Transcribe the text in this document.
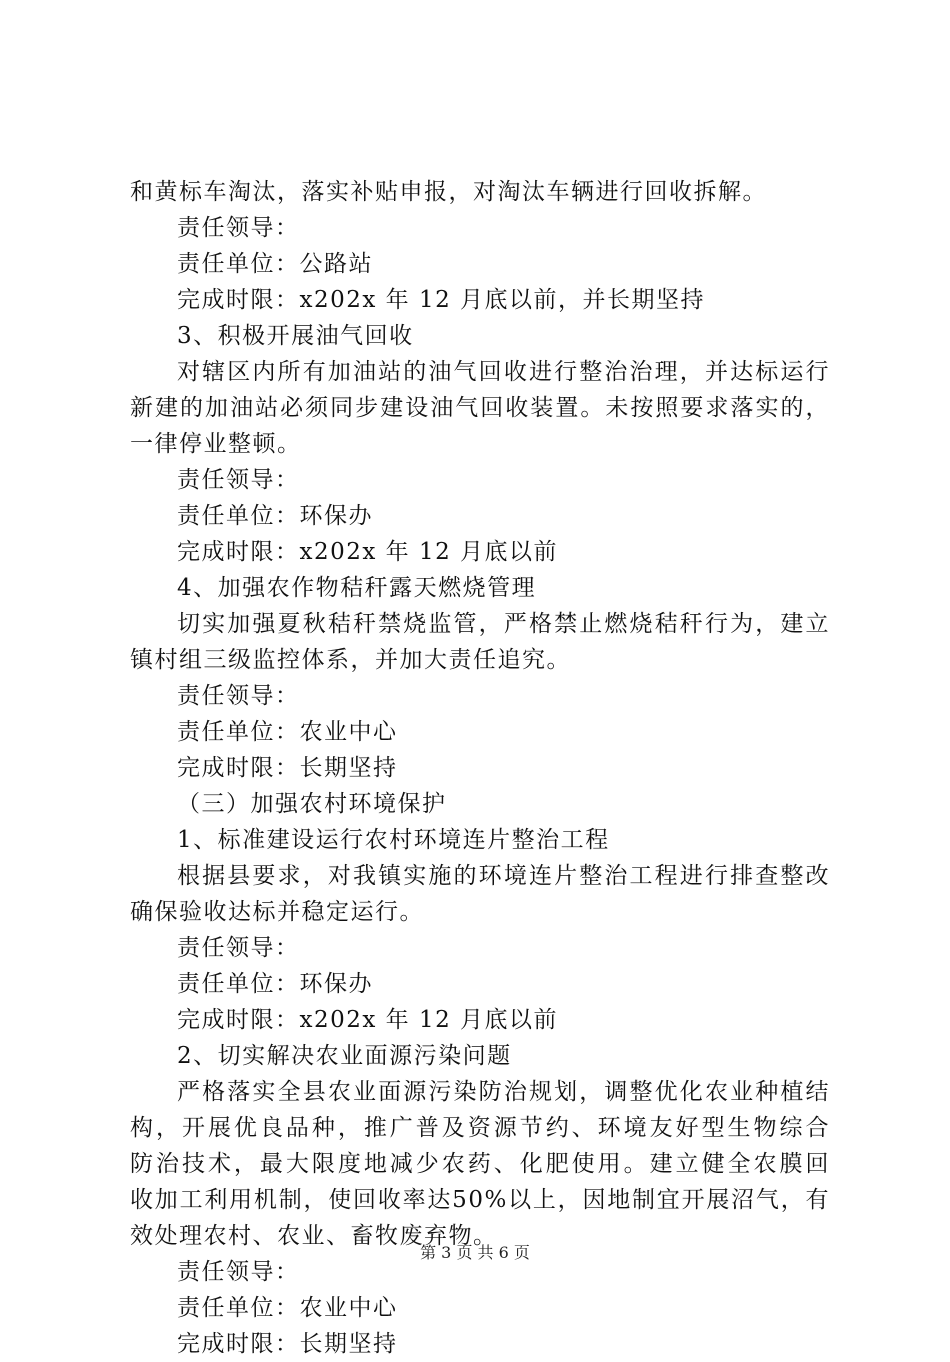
和黄标车淘汰，落实补贴申报，对淘汰车辆进行回收拆解。
责任领导：
责任单位：公路站
完成时限：x202x 年 12 月底以前，并长期坚持
3、积极开展油气回收
对辖区内所有加油站的油气回收进行整治治理，并达标运行
新建的加油站必须同步建设油气回收装置。未按照要求落实的，
一律停业整顿。
责任领导：
责任单位：环保办
完成时限：x202x 年 12 月底以前
4、加强农作物秸秆露天燃烧管理
切实加强夏秋秸秆禁烧监管，严格禁止燃烧秸秆行为，建立
镇村组三级监控体系，并加大责任追究。
责任领导：
责任单位：农业中心
完成时限：长期坚持
（三）加强农村环境保护
1、标准建设运行农村环境连片整治工程
根据县要求，对我镇实施的环境连片整治工程进行排查整改
确保验收达标并稳定运行。
责任领导：
责任单位：环保办
完成时限：x202x 年 12 月底以前
2、切实解决农业面源污染问题
严格落实全县农业面源污染防治规划，调整优化农业种植结
构，开展优良品种，推广普及资源节约、环境友好型生物综合
防治技术，最大限度地减少农药、化肥使用。建立健全农膜回
收加工利用机制，使回收率达50%以上，因地制宜开展沼气，有
效处理农村、农业、畜牧废弃物。
责任领导：
责任单位：农业中心
完成时限：长期坚持
第 3 页 共 6 页
